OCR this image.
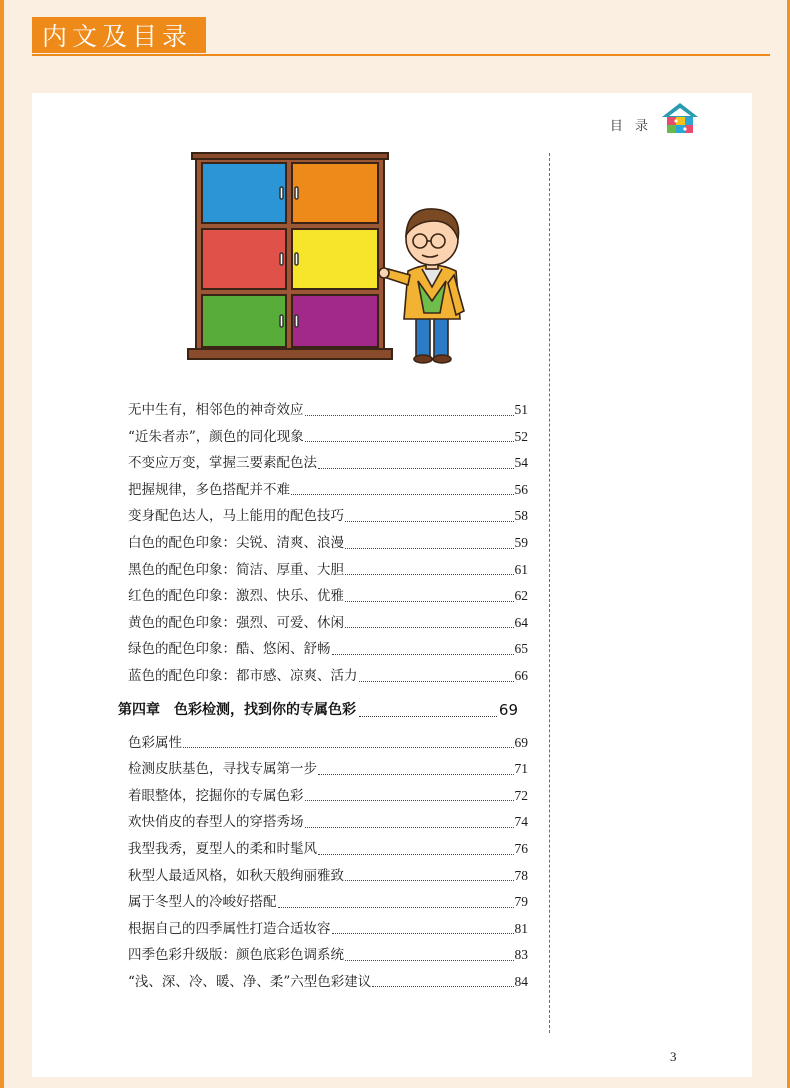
内文及目录
目 录
无中生有，相邻色的神奇效应	51
“近朱者赤”，颜色的同化现象	52
不变应万变，掌握三要素配色法	54
把握规律，多色搭配并不难	56
变身配色达人，马上能用的配色技巧	58
白色的配色印象：尖锐、清爽、浪漫	59
黑色的配色印象：简洁、厚重、大胆	61
红色的配色印象：激烈、快乐、优雅	62
黄色的配色印象：强烈、可爱、休闲	64
绿色的配色印象：酷、悠闲、舒畅	65
蓝色的配色印象：都市感、凉爽、活力	66
第四章 色彩检测，找到你的专属色彩	69
色彩属性	69
检测皮肤基色，寻找专属第一步	71
着眼整体，挖掘你的专属色彩	72
欢快俏皮的春型人的穿搭秀场	74
我型我秀，夏型人的柔和时髦风	76
秋型人最适风格，如秋天般绚丽雅致	78
属于冬型人的冷峻好搭配	79
根据自己的四季属性打造合适妆容	81
四季色彩升级版：颜色底彩色调系统	83
“浅、深、冷、暖、净、柔”六型色彩建议	84
3
